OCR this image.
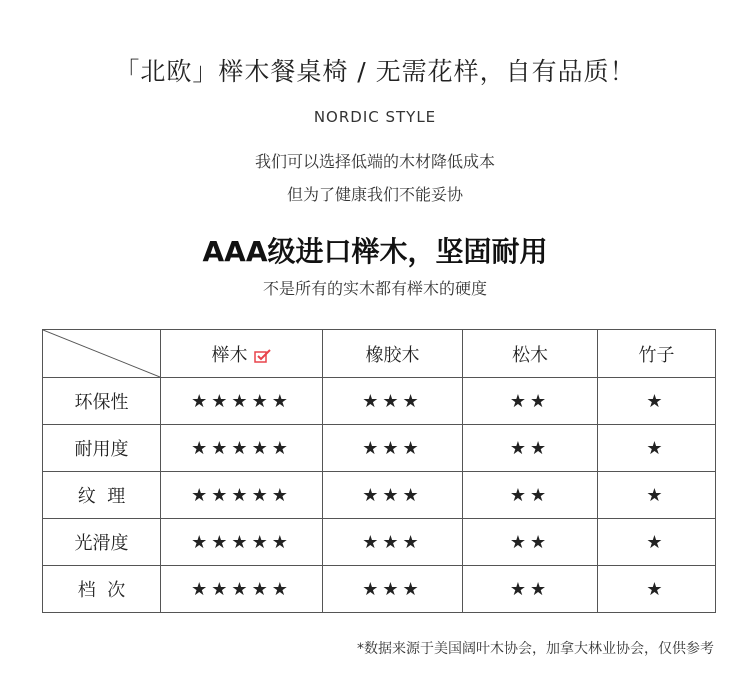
「北欧」榉木餐桌椅 / 无需花样，自有品质！
NORDIC STYLE
我们可以选择低端的木材降低成本
但为了健康我们不能妥协
AAA级进口榉木，坚固耐用
不是所有的实木都有榉木的硬度
	榉木	橡胶木	松木	竹子
环保性	★★★★★	★★★	★★	★
耐用度	★★★★★	★★★	★★	★
纹  理	★★★★★	★★★	★★	★
光滑度	★★★★★	★★★	★★	★
档  次	★★★★★	★★★	★★	★
*数据来源于美国阔叶木协会，加拿大林业协会，仅供参考
